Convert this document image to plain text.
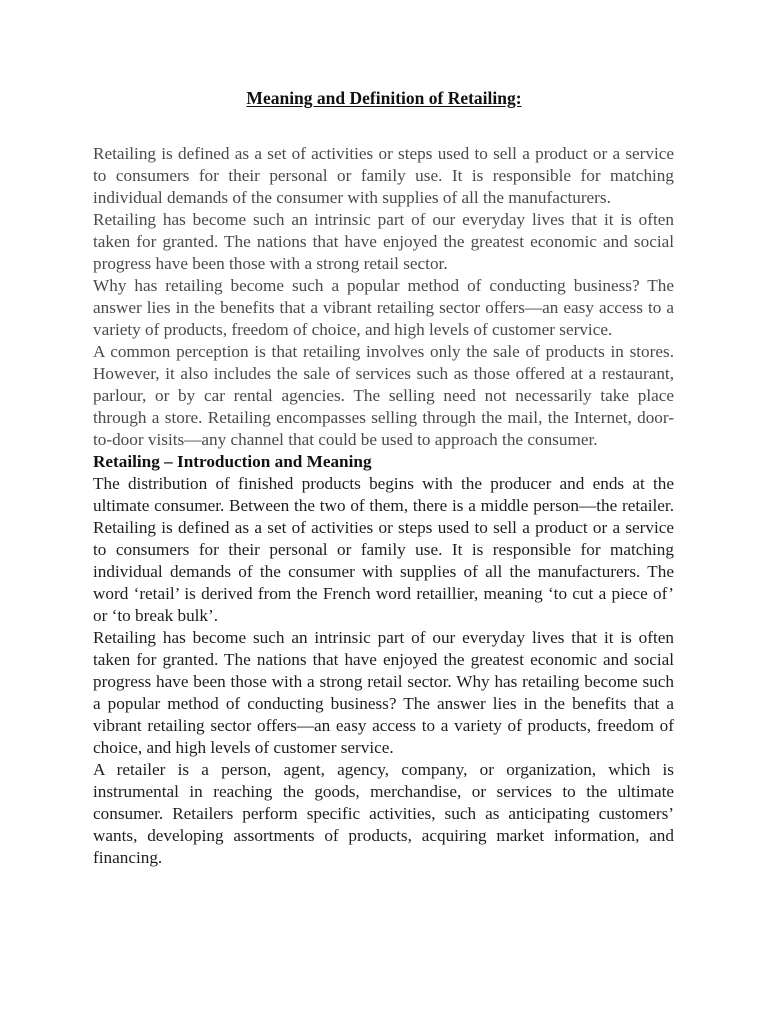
Meaning and Definition of Retailing:

Retailing is defined as a set of activities or steps used to sell a product or a service to consumers for their personal or family use. It is responsible for matching individual demands of the consumer with supplies of all the manufacturers.

Retailing has become such an intrinsic part of our everyday lives that it is often taken for granted. The nations that have enjoyed the greatest economic and social progress have been those with a strong retail sector.

Why has retailing become such a popular method of conducting business? The answer lies in the benefits that a vibrant retailing sector offers—an easy access to a variety of products, freedom of choice, and high levels of customer service.

A common perception is that retailing involves only the sale of products in stores. However, it also includes the sale of services such as those offered at a restaurant, parlour, or by car rental agencies. The selling need not necessarily take place through a store. Retailing encompasses selling through the mail, the Internet, door- to-door visits—any channel that could be used to approach the consumer.

Retailing – Introduction and Meaning

The distribution of finished products begins with the producer and ends at the ultimate consumer. Between the two of them, there is a middle person—the retailer. Retailing is defined as a set of activities or steps used to sell a product or a service to consumers for their personal or family use. It is responsible for matching individual demands of the consumer with supplies of all the manufacturers. The word ‘retail’ is derived from the French word retaillier, meaning ‘to cut a piece of’ or ‘to break bulk’.

Retailing has become such an intrinsic part of our everyday lives that it is often taken for granted. The nations that have enjoyed the greatest economic and social progress have been those with a strong retail sector. Why has retailing become such a popular method of conducting business? The answer lies in the benefits that a vibrant retailing sector offers—an easy access to a variety of products, freedom of choice, and high levels of customer service.

A retailer is a person, agent, agency, company, or organization, which is instrumental in reaching the goods, merchandise, or services to the ultimate consumer. Retailers perform specific activities, such as anticipating customers’ wants, developing assortments of products, acquiring market information, and financing.
